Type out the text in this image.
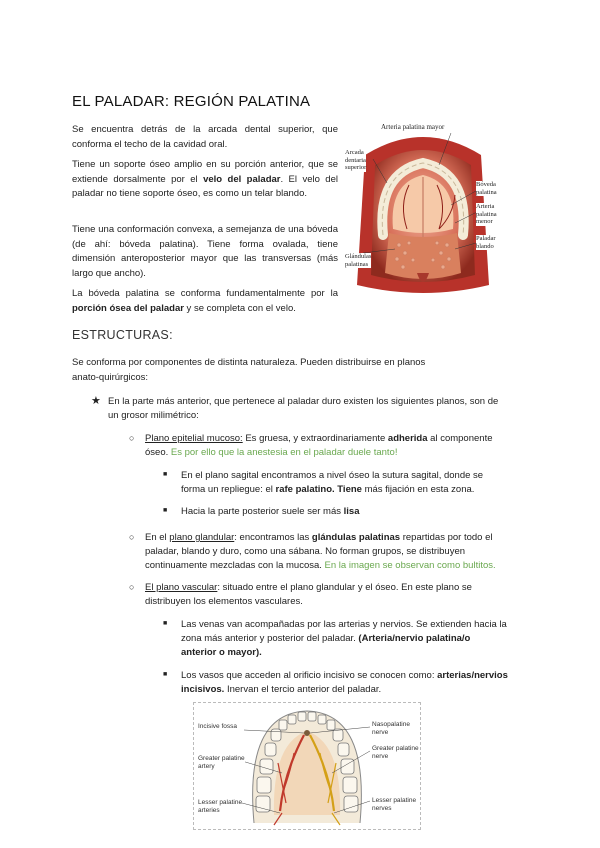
EL PALADAR: REGIÓN PALATINA

Se encuentra detrás de la arcada dental superior, que conforma el techo de la cavidad oral.

Tiene un soporte óseo amplio en su porción anterior, que se extiende dorsalmente por el velo del paladar. El velo del paladar no tiene soporte óseo, es como un telar blando.

Tiene una conformación convexa, a semejanza de una bóveda (de ahí: bóveda palatina). Tiene forma ovalada, tiene dimensión anteroposterior mayor que las transversas (más largo que ancho).

La bóveda palatina se conforma fundamentalmente por la porción ósea del paladar y se completa con el velo.

Arteria palatina mayor
Arcada
dentaria
superior
Bóveda
palatina
Arteria
palatina
menor
Paladar
blando
Glándulas
palatinas
ESTRUCTURAS:

Se conforma por componentes de distinta naturaleza. Pueden distribuirse en planos

anato-quirúrgicos:

★ En la parte más anterior, que pertenece al paladar duro existen los siguientes planos, son de

un grosor milimétrico:

○ Plano epitelial mucoso: Es gruesa, y extraordinariamente adherida al componente

óseo. Es por ello que la anestesia en el paladar duele tanto!

■ En el plano sagital encontramos a nivel óseo la sutura sagital, donde se

forma un repliegue: el rafe palatino. Tiene más fijación en esta zona.

■ Hacia la parte posterior suele ser más lisa

○ En el plano glandular: encontramos las glándulas palatinas repartidas por todo el

paladar, blando y duro, como una sábana. No forman grupos, se distribuyen

continuamente mezcladas con la mucosa. En la imagen se observan como bultitos.

○ El plano vascular: situado entre el plano glandular y el óseo. En este plano se

distribuyen los elementos vasculares.

■ Las venas van acompañadas por las arterias y nervios. Se extienden hacia la

zona más anterior y posterior del paladar. (Arteria/nervio palatina/o

anterior o mayor).

■ Los vasos que acceden al orificio incisivo se conocen como: arterias/nervios

incisivos. Inervan el tercio anterior del paladar.

Incisive fossa
Greater palatine
artery
Lesser palatine
arteries
Nasopalatine
nerve
Greater palatine
nerve
Lesser palatine
nerves
